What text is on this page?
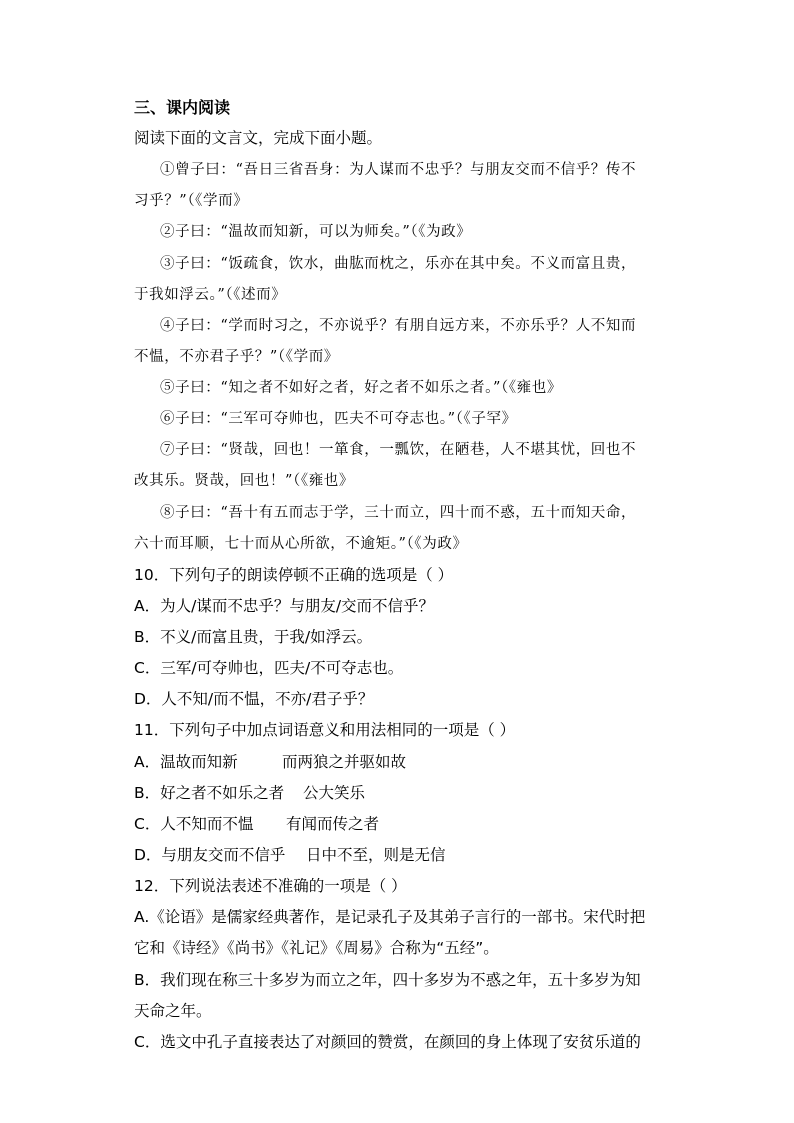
三、课内阅读
阅读下面的文言文，完成下面小题。
①曾子曰：“吾日三省吾身：为人谋而不忠乎？与朋友交而不信乎？传不
习乎？”（《学而》
②子曰：“温故而知新，可以为师矣。”（《为政》
③子曰：“饭疏食，饮水，曲肱而枕之，乐亦在其中矣。不义而富且贵，
于我如浮云。”（《述而》
④子曰：“学而时习之，不亦说乎？有朋自远方来，不亦乐乎？人不知而
不愠，不亦君子乎？”（《学而》
⑤子曰：“知之者不如好之者，好之者不如乐之者。”（《雍也》
⑥子曰：“三军可夺帅也，匹夫不可夺志也。”（《子罕》
⑦子曰：“贤哉，回也！一箪食，一瓢饮，在陋巷，人不堪其忧，回也不
改其乐。贤哉，回也！”（《雍也》
⑧子曰：“吾十有五而志于学，三十而立，四十而不惑，五十而知天命，
六十而耳顺，七十而从心所欲，不逾矩。”（《为政》
10．下列句子的朗读停顿不正确的选项是（ ）
A．为人/谋而不忠乎？与朋友/交而不信乎？
B．不义/而富且贵，于我/如浮云。
C．三军/可夺帅也，匹夫/不可夺志也。
D．人不知/而不愠，不亦/君子乎？
11．下列句子中加点词语意义和用法相同的一项是（ ）
A．温故而知新	而两狼之并驱如故
B．好之者不如乐之者 公大笑乐
C．人不知而不愠 有闻而传之者
D．与朋友交而不信乎 日中不至，则是无信
12．下列说法表述不准确的一项是（ ）
A.《论语》是儒家经典著作，是记录孔子及其弟子言行的一部书。宋代时把
它和《诗经》《尚书》《礼记》《周易》合称为“五经”。
B．我们现在称三十多岁为而立之年，四十多岁为不惑之年，五十多岁为知
天命之年。
C．选文中孔子直接表达了对颜回的赞赏，在颜回的身上体现了安贫乐道的
